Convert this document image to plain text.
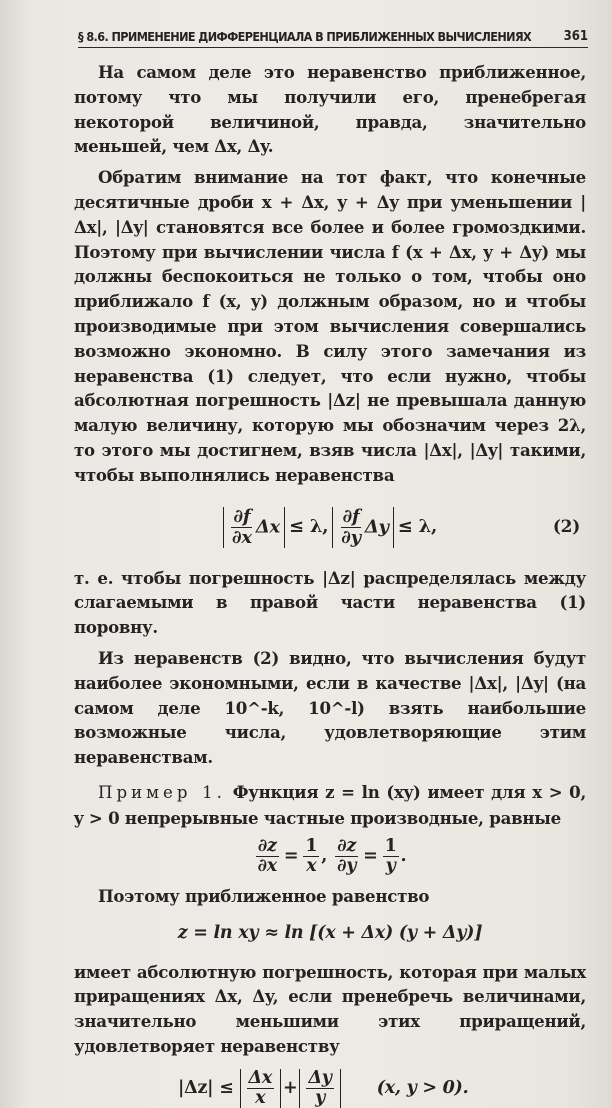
§ 8.6. ПРИМЕНЕНИЕ ДИФФЕРЕНЦИАЛА В ПРИБЛИЖЕННЫХ ВЫЧИСЛЕНИЯХ 361

На самом деле это неравенство приближенное, потому что мы получили его, пренебрегая некоторой величиной, правда, значительно меньшей, чем Δx, Δy.

Обратим внимание на тот факт, что конечные десятичные дроби x + Δx, y + Δy при уменьшении |Δx|, |Δy| становятся все более и более громоздкими. Поэтому при вычислении числа f (x + Δx, y + Δy) мы должны беспокоиться не только о том, чтобы оно приближало f (x, y) должным образом, но и чтобы производимые при этом вычисления совершались возможно экономно. В силу этого замечания из неравенства (1) следует, что если нужно, чтобы абсолютная погрешность |Δz| не превышала данную малую величину, которую мы обозначим через 2λ, то этого мы достигнем, взяв числа |Δx|, |Δy| такими, чтобы выполнялись неравенства

$\frac{\partial f}{\partial x}$ Δx ≤ λ, $\frac{\partial f}{\partial y}$ Δy ≤ λ,	(2)

т. е. чтобы погрешность |Δz| распределялась между слагаемыми в правой части неравенства (1) поровну.

Из неравенств (2) видно, что вычисления будут наиболее экономными, если в качестве |Δx|, |Δy| (на самом деле 10^-k, 10^-l) взять наибольшие возможные числа, удовлетворяющие этим неравенствам.

Пример 1. Функция z = ln (xy) имеет для x > 0, y > 0 непрерывные частные производные, равные

$\frac{\partial z}{\partial x} = \frac{1}{x}$ , $\frac{\partial z}{\partial y} = \frac{1}{y}$ .

Поэтому приближенное равенство

z = ln xy ≈ ln [(x + Δx) (y + Δy)]

имеет абсолютную погрешность, которая при малых приращениях Δx, Δy, если пренебречь величинами, значительно меньшими этих приращений, удовлетворяет неравенству

$|\Delta z| \le \frac{\Delta x}{x} + \frac{\Delta y}{y} (x$, y > 0).
